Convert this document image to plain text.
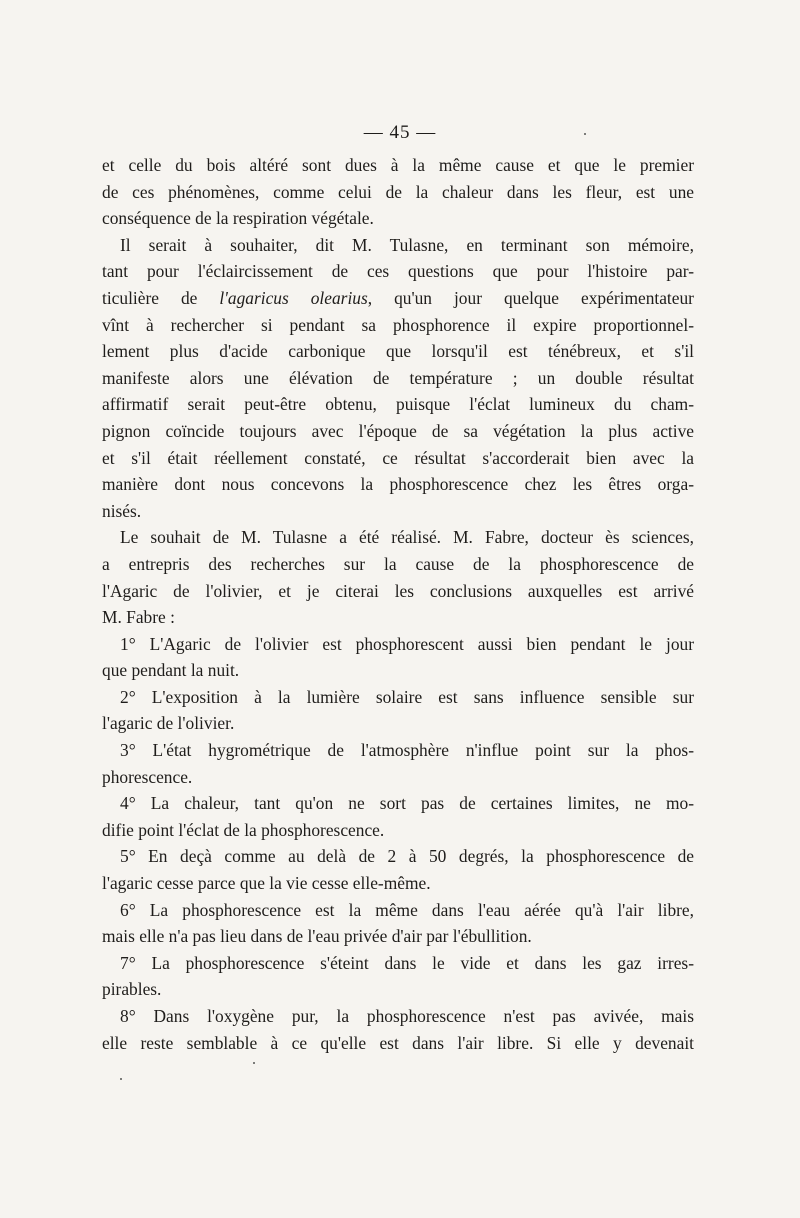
— 45 —
et celle du bois altéré sont dues à la même cause et que le premier
de ces phénomènes, comme celui de la chaleur dans les fleur, est une
conséquence de la respiration végétale.
Il serait à souhaiter, dit M. Tulasne, en terminant son mémoire,
tant pour l'éclaircissement de ces questions que pour l'histoire par-
ticulière de l'agaricus olearius, qu'un jour quelque expérimentateur
vînt à rechercher si pendant sa phosphorence il expire proportionnel-
lement plus d'acide carbonique que lorsqu'il est ténébreux, et s'il
manifeste alors une élévation de température ; un double résultat
affirmatif serait peut-être obtenu, puisque l'éclat lumineux du cham-
pignon coïncide toujours avec l'époque de sa végétation la plus active
et s'il était réellement constaté, ce résultat s'accorderait bien avec la
manière dont nous concevons la phosphorescence chez les êtres orga-
nisés.
Le souhait de M. Tulasne a été réalisé. M. Fabre, docteur ès sciences,
a entrepris des recherches sur la cause de la phosphorescence de
l'Agaric de l'olivier, et je citerai les conclusions auxquelles est arrivé
M. Fabre :
1° L'Agaric de l'olivier est phosphorescent aussi bien pendant le jour
que pendant la nuit.
2° L'exposition à la lumière solaire est sans influence sensible sur
l'agaric de l'olivier.
3° L'état hygrométrique de l'atmosphère n'influe point sur la phos-
phorescence.
4° La chaleur, tant qu'on ne sort pas de certaines limites, ne mo-
difie point l'éclat de la phosphorescence.
5° En deçà comme au delà de 2 à 50 degrés, la phosphorescence de
l'agaric cesse parce que la vie cesse elle-même.
6° La phosphorescence est la même dans l'eau aérée qu'à l'air libre,
mais elle n'a pas lieu dans de l'eau privée d'air par l'ébullition.
7° La phosphorescence s'éteint dans le vide et dans les gaz irres-
pirables.
8° Dans l'oxygène pur, la phosphorescence n'est pas avivée, mais
elle reste semblable à ce qu'elle est dans l'air libre. Si elle y devenait
